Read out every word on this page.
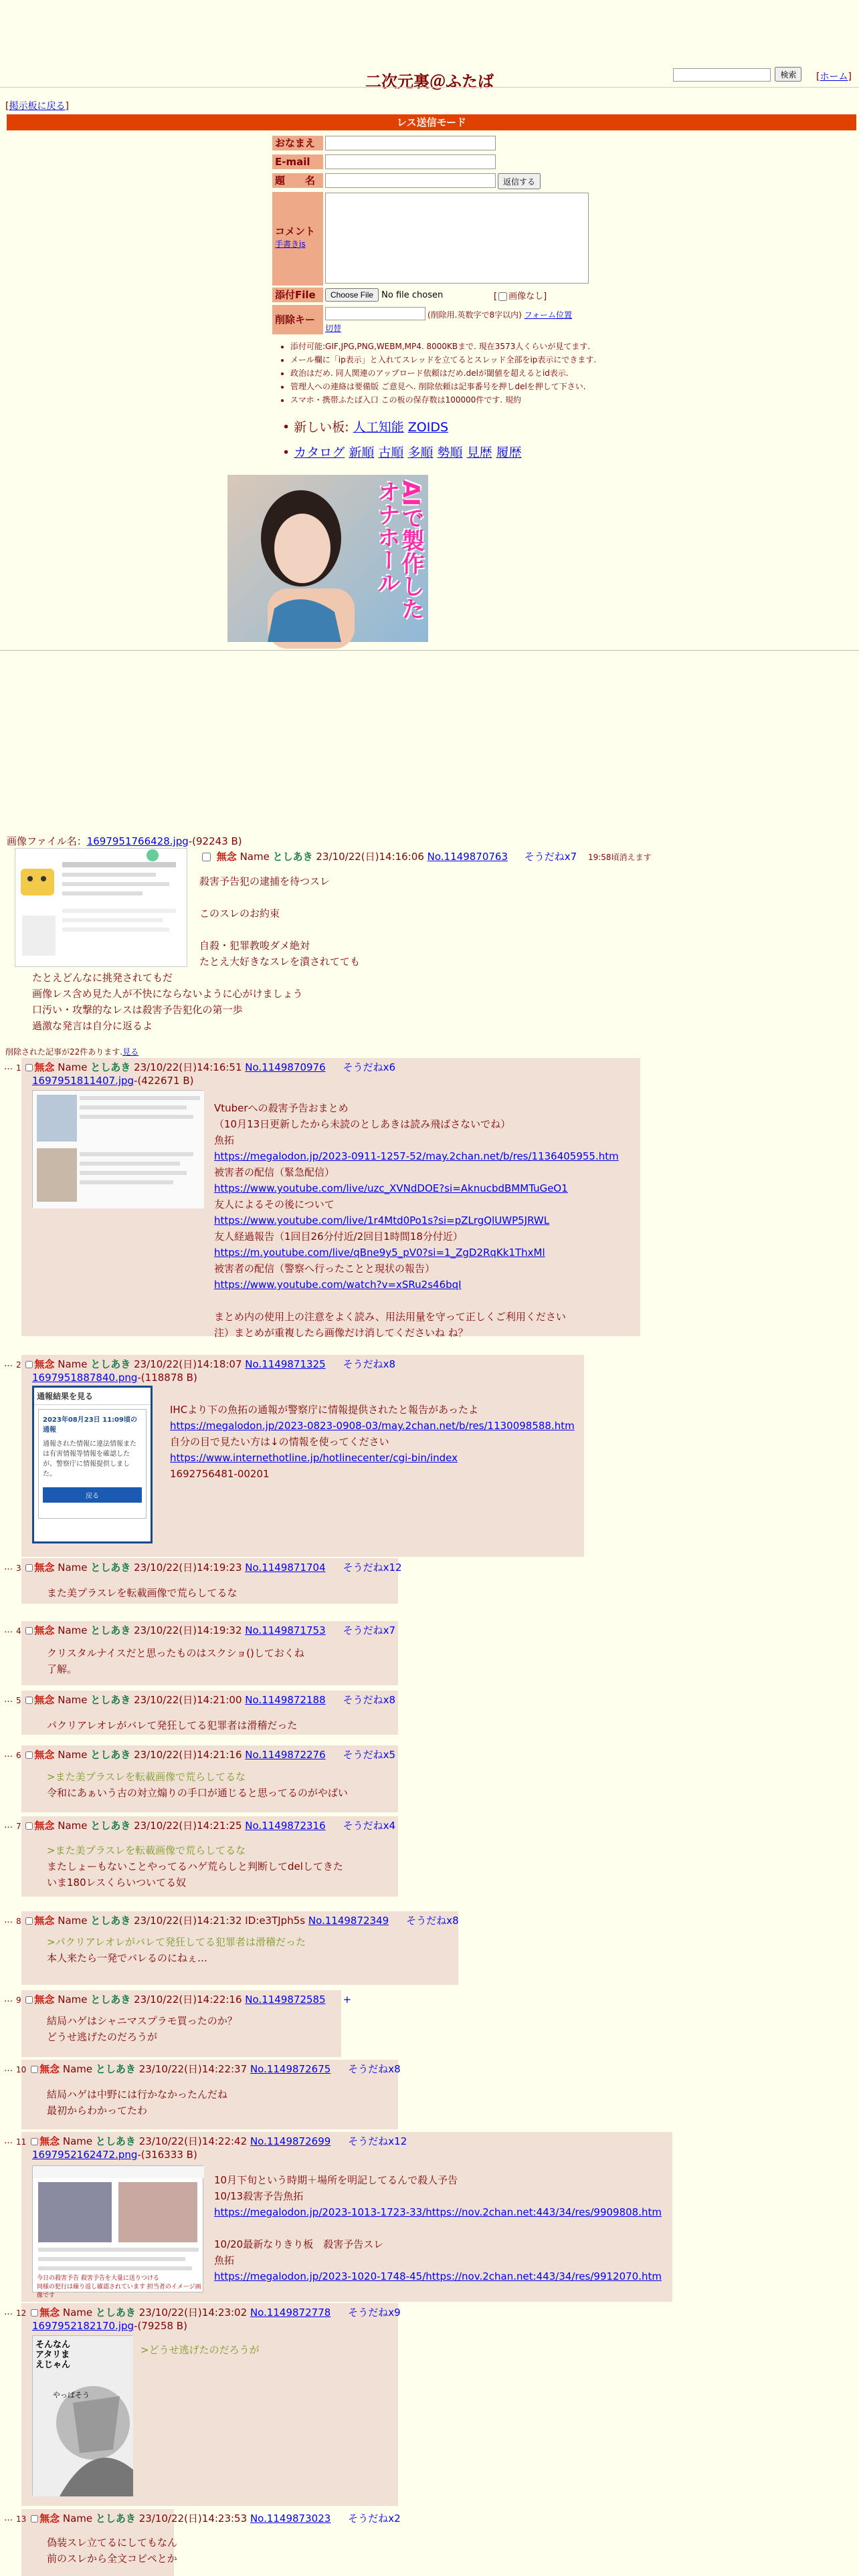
二次元裏＠ふたば	検索	[ホーム]
[掲示板に戻る]
レス送信モード
おなまえ
E-mail
題　　名	返信する
コメント
手書きjs
添付File	Choose File No file chosen	[ 画像なし]
削除キー	(削除用.英数字で8字以内) フォーム位置
切替
• 添付可能:GIF,JPG,PNG,WEBM,MP4. 8000KBまで. 現在3573人くらいが見てます.
• メール欄に「ip表示」と入れてスレッドを立てるとスレッド全部をip表示にできます.
• 政治はだめ. 同人関連のアップロード依頼はだめ.delが閾値を超えるとid表示.
• 管理人への連絡は要備版 ご意見へ. 削除依頼は記事番号を押しdelを押して下さい.
• スマホ・携帯ふたば入口 この板の保存数は100000件です. 規約
• 新しい板: 人工知能 ZOIDS
• カタログ 新順 古順 多順 勢順 見歴 履歴
AIで製作したオナホール
画像ファイル名：1697951766428.jpg-(92243 B)
無念 Name としあき 23/10/22(日)14:16:06 No.1149870763 そうだねx7 19:58頃消えます
殺害予告犯の逮捕を待つスレ
このスレのお約束
自殺・犯罪教唆ダメ絶対
たとえ大好きなスレを潰されてても
たとえどんなに挑発されてもだ
画像レス含め見た人が不快にならないように心がけましょう
口汚い・攻撃的なレスは殺害予告犯化の第一歩
過激な発言は自分に返るよ
削除された記事が22件あります.見る
… 1 無念 Name としあき 23/10/22(日)14:16:51 No.1149870976 そうだねx6
1697951811407.jpg-(422671 B)
Vtuberへの殺害予告おまとめ
（10月13日更新したから未読のとしあきは読み飛ばさないでね）
魚拓
https://megalodon.jp/2023-0911-1257-52/may.2chan.net/b/res/1136405955.htm
被害者の配信（緊急配信）
https://www.youtube.com/live/uzc_XVNdDOE?si=AknucbdBMMTuGeO1
友人によるその後について
https://www.youtube.com/live/1r4Mtd0Po1s?si=pZLrgQlUWP5JRWL
友人経過報告（1回目26分付近/2回目1時間18分付近）
https://m.youtube.com/live/qBne9y5_pV0?si=1_ZgD2RqKk1ThxMl
被害者の配信（警察へ行ったことと現状の報告）
https://www.youtube.com/watch?v=xSRu2s46bqI
まとめ内の使用上の注意をよく読み、用法用量を守って正しくご利用ください
注）まとめが重複したら画像だけ消してくださいね ね？
… 2 無念 Name としあき 23/10/22(日)14:18:07 No.1149871325 そうだねx8
1697951887840.png-(118878 B)
通報結果を見る
2023年08月23日 11:09頃の通報
通報された情報に違法情報または有害情報等情報を確認したが、警察庁に情報提供しました。
戻る
IHCより下の魚拓の通報が警察庁に情報提供されたと報告があったよ
https://megalodon.jp/2023-0823-0908-03/may.2chan.net/b/res/1130098588.htm
自分の目で見たい方は↓の情報を使ってください
https://www.internethotline.jp/hotlinecenter/cgi-bin/index
1692756481-00201
… 3 無念 Name としあき 23/10/22(日)14:19:23 No.1149871704 そうだねx12
また美プラスレを転載画像で荒らしてるな
… 4 無念 Name としあき 23/10/22(日)14:19:32 No.1149871753 そうだねx7
クリスタルナイスだと思ったものはスクショ()しておくね
了解。
… 5 無念 Name としあき 23/10/22(日)14:21:00 No.1149872188 そうだねx8
パクリアレオレがバレて発狂してる犯罪者は滑稽だった
… 6 無念 Name としあき 23/10/22(日)14:21:16 No.1149872276 そうだねx5
>また美プラスレを転載画像で荒らしてるな
令和にあぁいう古の対立煽りの手口が通じると思ってるのがやばい
… 7 無念 Name としあき 23/10/22(日)14:21:25 No.1149872316 そうだねx4
>また美プラスレを転載画像で荒らしてるな
またしょーもないことやってるハゲ荒らしと判断してdelしてきた
いま180レスくらいついてる奴
… 8 無念 Name としあき 23/10/22(日)14:21:32 ID:e3TJph5s No.1149872349 そうだねx8
>パクリアレオレがバレて発狂してる犯罪者は滑稽だった
本人来たら一発でバレるのにねぇ…
… 9 無念 Name としあき 23/10/22(日)14:22:16 No.1149872585 +
結局ハゲはシャニマスプラモ買ったのか？
どうせ逃げたのだろうが
… 10 無念 Name としあき 23/10/22(日)14:22:37 No.1149872675 そうだねx8
結局ハゲは中野には行かなかったんだね
最初からわかってたわ
… 11 無念 Name としあき 23/10/22(日)14:22:42 No.1149872699 そうだねx12
1697952162472.png-(316333 B)
今日の殺害予告 殺害予告を大量に送りつける
同様の犯行は繰り返し確認されています 担当者のイメージ画像です
10月下旬という時期＋場所を明記してるんで殺人予告
10/13殺害予告魚拓
https://megalodon.jp/2023-1013-1723-33/https://nov.2chan.net:443/34/res/9909808.htm
10/20最新なりきり板　殺害予告スレ
魚拓
https://megalodon.jp/2023-1020-1748-45/https://nov.2chan.net:443/34/res/9912070.htm
… 12 無念 Name としあき 23/10/22(日)14:23:02 No.1149872778 そうだねx9
1697952182170.jpg-(79258 B)
そんなんアタリまえじゃん
やっぱそう
>どうせ逃げたのだろうが
… 13 無念 Name としあき 23/10/22(日)14:23:53 No.1149873023 そうだねx2
偽装スレ立てるにしてもなん
前のスレから全文コピペとか
